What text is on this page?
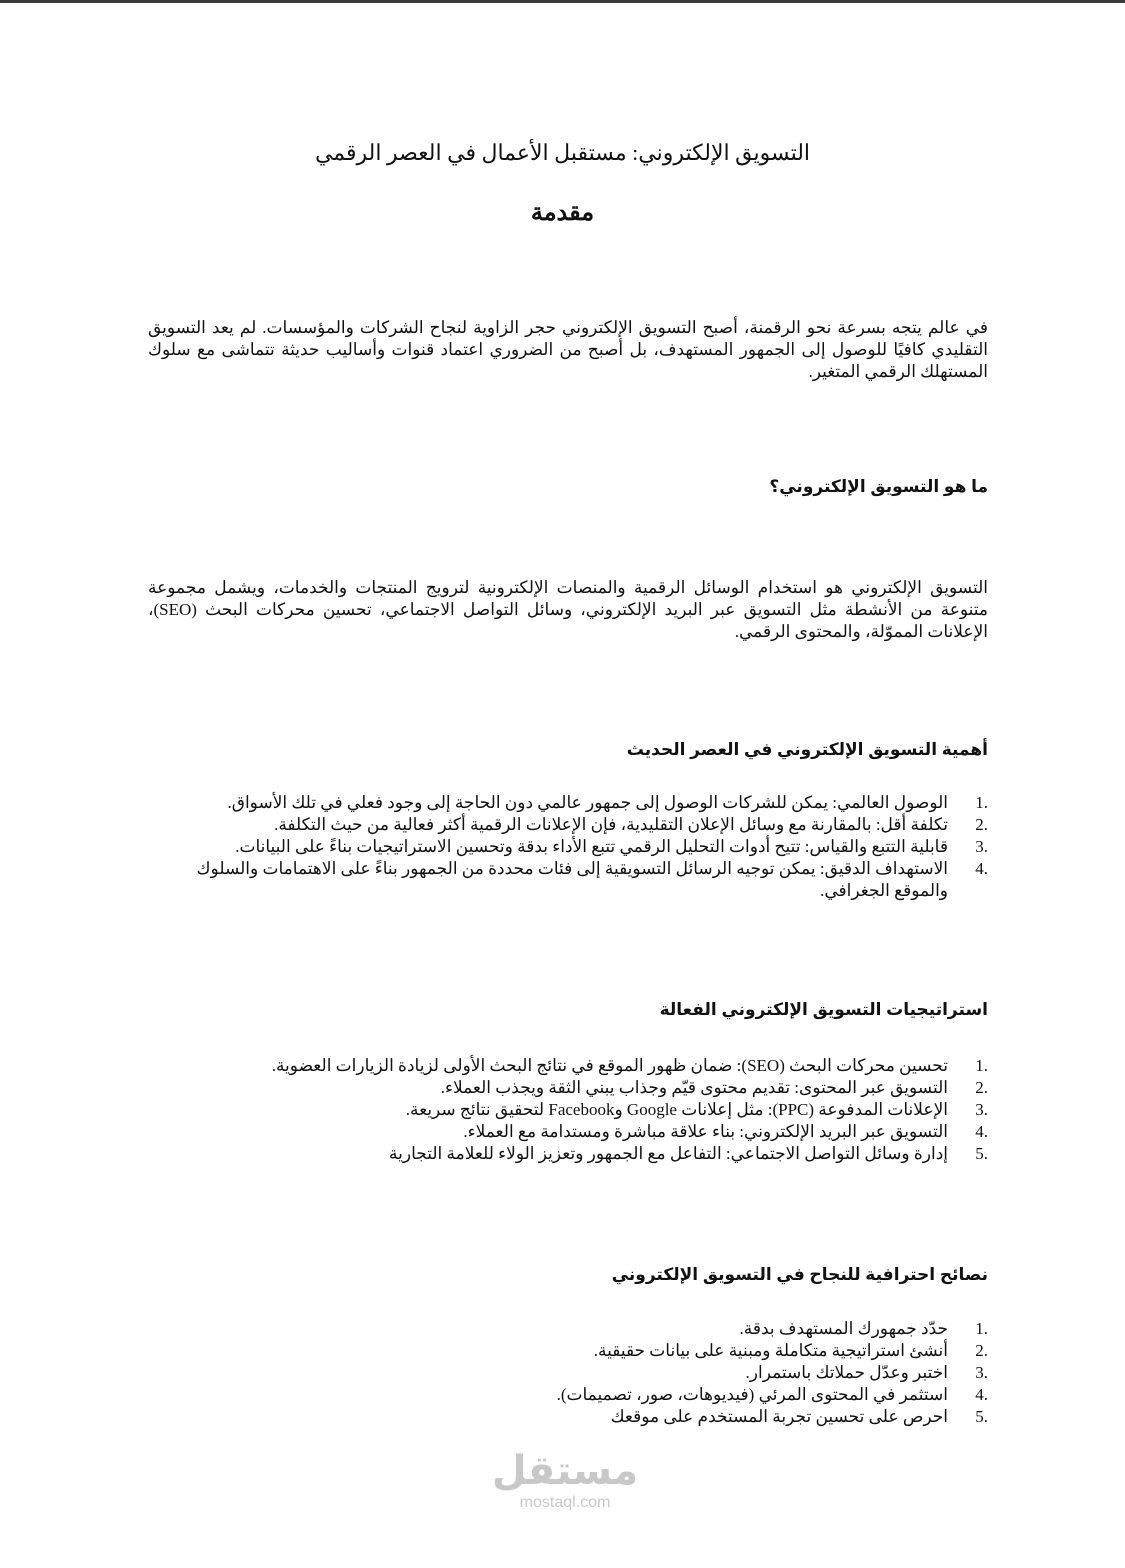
التسويق الإلكتروني: مستقبل الأعمال في العصر الرقمي
مقدمة

في عالم يتجه بسرعة نحو الرقمنة، أصبح التسويق الإلكتروني حجر الزاوية لنجاح الشركات والمؤسسات. لم يعد التسويق التقليدي كافيًا للوصول إلى الجمهور المستهدف، بل أصبح من الضروري اعتماد قنوات وأساليب حديثة تتماشى مع سلوك المستهلك الرقمي المتغير.

ما هو التسويق الإلكتروني؟

التسويق الإلكتروني هو استخدام الوسائل الرقمية والمنصات الإلكترونية لترويج المنتجات والخدمات، ويشمل مجموعة متنوعة من الأنشطة مثل التسويق عبر البريد الإلكتروني، وسائل التواصل الاجتماعي، تحسين محركات البحث (SEO)، الإعلانات المموّلة، والمحتوى الرقمي.

أهمية التسويق الإلكتروني في العصر الحديث
1.
الوصول العالمي: يمكن للشركات الوصول إلى جمهور عالمي دون الحاجة إلى وجود فعلي في تلك الأسواق.
2.
تكلفة أقل: بالمقارنة مع وسائل الإعلان التقليدية، فإن الإعلانات الرقمية أكثر فعالية من حيث التكلفة.
3.
قابلية التتبع والقياس: تتيح أدوات التحليل الرقمي تتبع الأداء بدقة وتحسين الاستراتيجيات بناءً على البيانات.
4.
الاستهداف الدقيق: يمكن توجيه الرسائل التسويقية إلى فئات محددة من الجمهور بناءً على الاهتمامات والسلوك والموقع الجغرافي.
استراتيجيات التسويق الإلكتروني الفعالة
1.
تحسين محركات البحث (SEO): ضمان ظهور الموقع في نتائج البحث الأولى لزيادة الزيارات العضوية.
2.
التسويق عبر المحتوى: تقديم محتوى قيّم وجذاب يبني الثقة ويجذب العملاء.
3.
الإعلانات المدفوعة (PPC): مثل إعلانات Google وFacebook لتحقيق نتائج سريعة.
4.
التسويق عبر البريد الإلكتروني: بناء علاقة مباشرة ومستدامة مع العملاء.
5.
إدارة وسائل التواصل الاجتماعي: التفاعل مع الجمهور وتعزيز الولاء للعلامة التجارية
نصائح احترافية للنجاح في التسويق الإلكتروني
1.
حدّد جمهورك المستهدف بدقة.
2.
أنشئ استراتيجية متكاملة ومبنية على بيانات حقيقية.
3.
اختبر وعدّل حملاتك باستمرار.
4.
استثمر في المحتوى المرئي (فيديوهات، صور، تصميمات).
5.
احرص على تحسين تجربة المستخدم على موقعك
مستقل
mostaql.com
